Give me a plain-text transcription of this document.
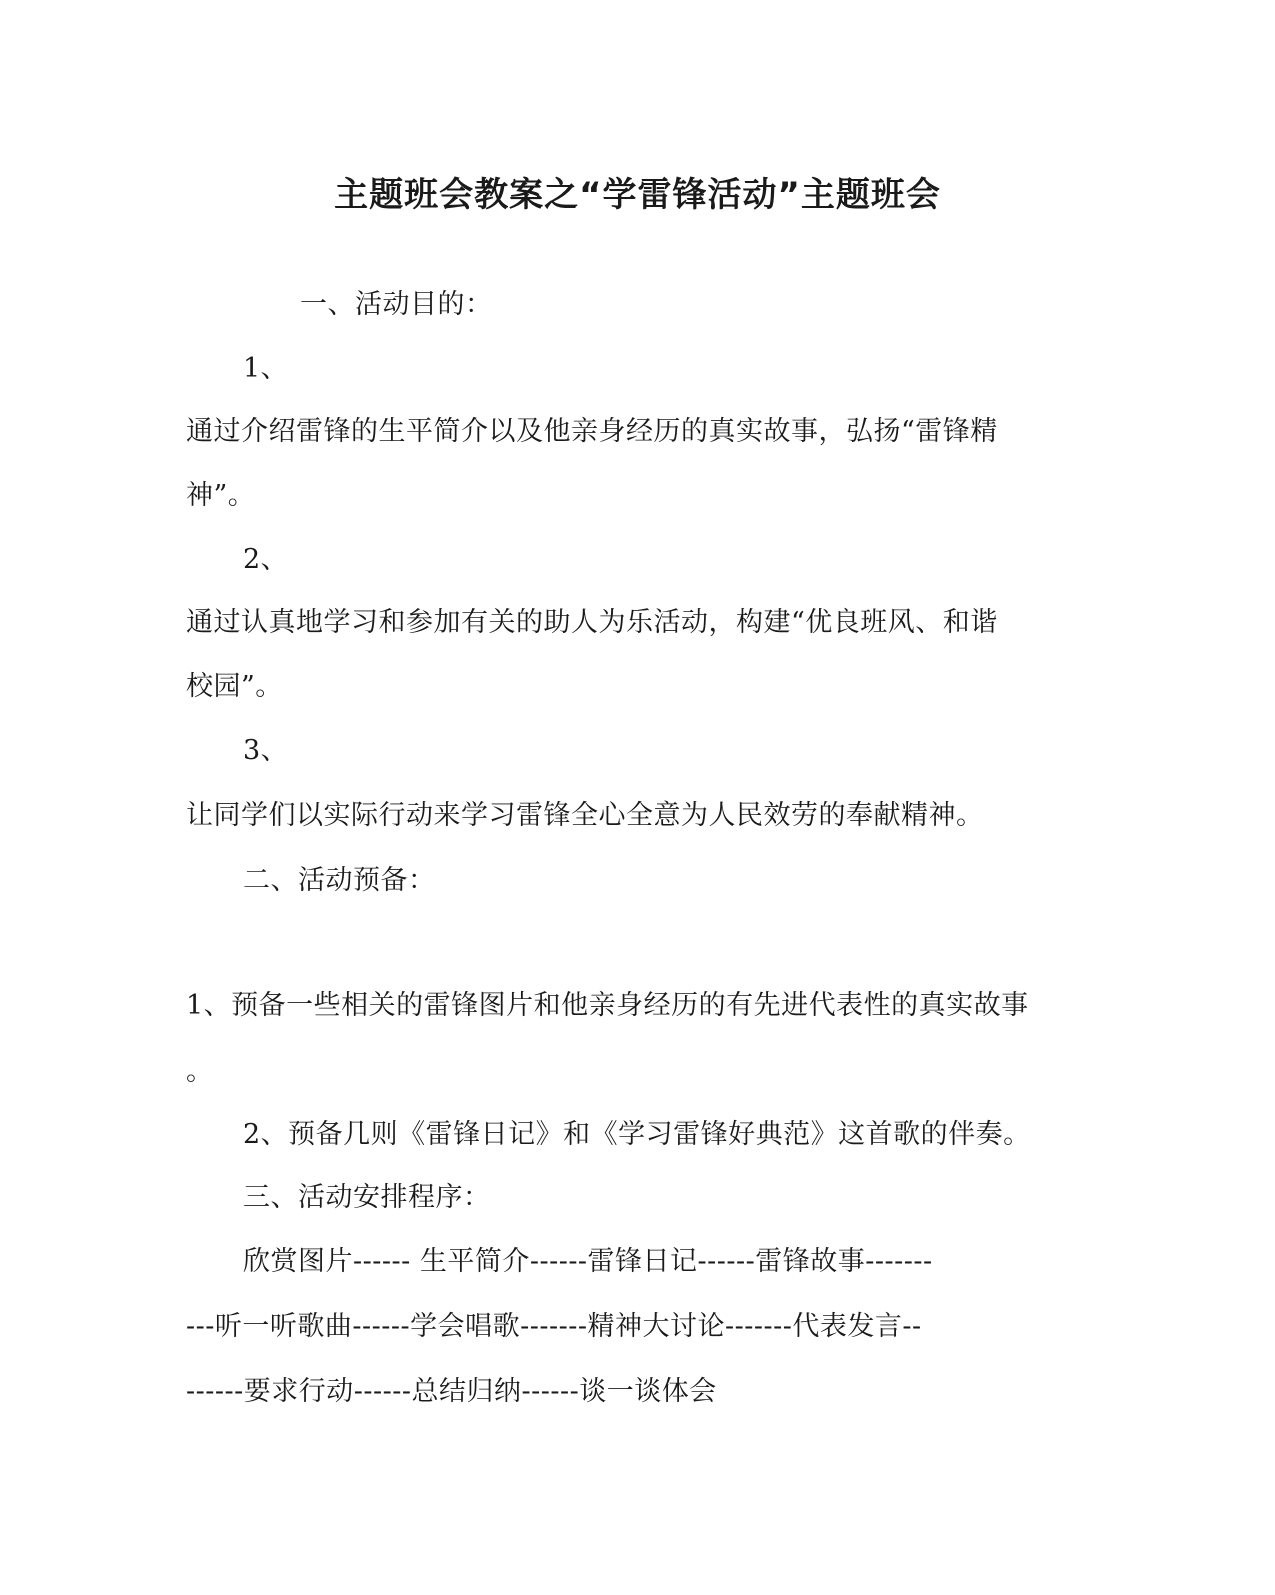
主题班会教案之“学雷锋活动”主题班会
一、活动目的：
1、
通过介绍雷锋的生平简介以及他亲身经历的真实故事，弘扬“雷锋精
神”。
2、
通过认真地学习和参加有关的助人为乐活动，构建“优良班风、和谐
校园”。
3、
让同学们以实际行动来学习雷锋全心全意为人民效劳的奉献精神。
二、活动预备：
1、预备一些相关的雷锋图片和他亲身经历的有先进代表性的真实故事
。
2、预备几则《雷锋日记》和《学习雷锋好典范》这首歌的伴奏。
三、活动安排程序：
欣赏图片------ 生平简介------雷锋日记------雷锋故事-------
---听一听歌曲------学会唱歌-------精神大讨论-------代表发言--
------要求行动------总结归纳------谈一谈体会
